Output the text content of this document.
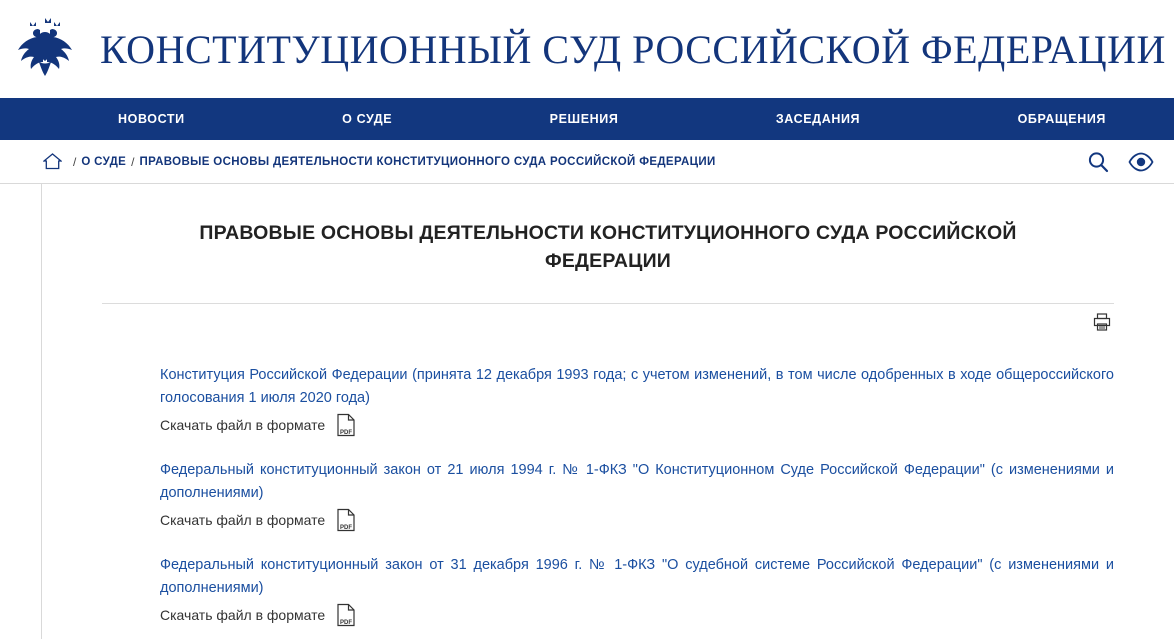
КОНСТИТУЦИОННЫЙ СУД РОССИЙСКОЙ ФЕДЕРАЦИИ
НОВОСТИ	О СУДЕ	РЕШЕНИЯ	ЗАСЕДАНИЯ	ОБРАЩЕНИЯ
/ О СУДЕ / ПРАВОВЫЕ ОСНОВЫ ДЕЯТЕЛЬНОСТИ КОНСТИТУЦИОННОГО СУДА РОССИЙСКОЙ ФЕДЕРАЦИИ
ПРАВОВЫЕ ОСНОВЫ ДЕЯТЕЛЬНОСТИ КОНСТИТУЦИОННОГО СУДА РОССИЙСКОЙ ФЕДЕРАЦИИ
Конституция Российской Федерации (принята 12 декабря 1993 года; с учетом изменений, в том числе одобренных в ходе общероссийского голосования 1 июля 2020 года)
Скачать файл в формате	PDF
Федеральный конституционный закон от 21 июля 1994 г. № 1-ФКЗ "О Конституционном Суде Российской Федерации" (с изменениями и дополнениями)
Скачать файл в формате	PDF
Федеральный конституционный закон от 31 декабря 1996 г. № 1-ФКЗ "О судебной системе Российской Федерации" (с изменениями и дополнениями)
Скачать файл в формате	PDF
